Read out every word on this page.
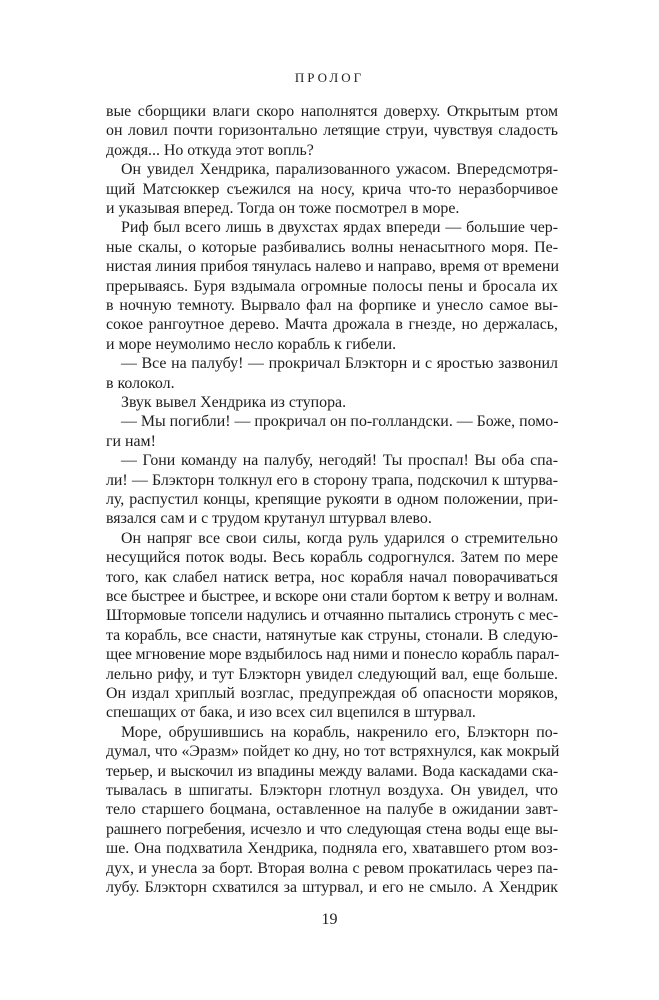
ПРОЛОГ
вые сборщики влаги скоро наполнятся доверху. Открытым ртом
он ловил почти горизонтально летящие струи, чувствуя сладость
дождя... Но откуда этот вопль?
Он увидел Хендрика, парализованного ужасом. Впередсмотря-
щий Матсюккер съежился на носу, крича что-то неразборчивое
и указывая вперед. Тогда он тоже посмотрел в море.
Риф был всего лишь в двухстах ярдах впереди — большие чер-
ные скалы, о которые разбивались волны ненасытного моря. Пе-
нистая линия прибоя тянулась налево и направо, время от времени
прерываясь. Буря вздымала огромные полосы пены и бросала их
в ночную темноту. Вырвало фал на форпике и унесло самое вы-
сокое рангоутное дерево. Мачта дрожала в гнезде, но держалась,
и море неумолимо несло корабль к гибели.
— Все на палубу! — прокричал Блэкторн и с яростью зазвонил
в колокол.
Звук вывел Хендрика из ступора.
— Мы погибли! — прокричал он по-голландски. — Боже, помо-
ги нам!
— Гони команду на палубу, негодяй! Ты проспал! Вы оба спа-
ли! — Блэкторн толкнул его в сторону трапа, подскочил к штурва-
лу, распустил концы, крепящие рукояти в одном положении, при-
вязался сам и с трудом крутанул штурвал влево.
Он напряг все свои силы, когда руль ударился о стремительно
несущийся поток воды. Весь корабль содрогнулся. Затем по мере
того, как слабел натиск ветра, нос корабля начал поворачиваться
все быстрее и быстрее, и вскоре они стали бортом к ветру и волнам.
Штормовые топсели надулись и отчаянно пытались стронуть с мес-
та корабль, все снасти, натянутые как струны, стонали. В следую-
щее мгновение море вздыбилось над ними и понесло корабль парал-
лельно рифу, и тут Блэкторн увидел следующий вал, еще больше.
Он издал хриплый возглас, предупреждая об опасности моряков,
спешащих от бака, и изо всех сил вцепился в штурвал.
Море, обрушившись на корабль, накренило его, Блэкторн по-
думал, что «Эразм» пойдет ко дну, но тот встряхнулся, как мокрый
терьер, и выскочил из впадины между валами. Вода каскадами ска-
тывалась в шпигаты. Блэкторн глотнул воздуха. Он увидел, что
тело старшего боцмана, оставленное на палубе в ожидании завт-
рашнего погребения, исчезло и что следующая стена воды еще вы-
ше. Она подхватила Хендрика, подняла его, хватавшего ртом воз-
дух, и унесла за борт. Вторая волна с ревом прокатилась через па-
лубу. Блэкторн схватился за штурвал, и его не смыло. А Хендрик
19
